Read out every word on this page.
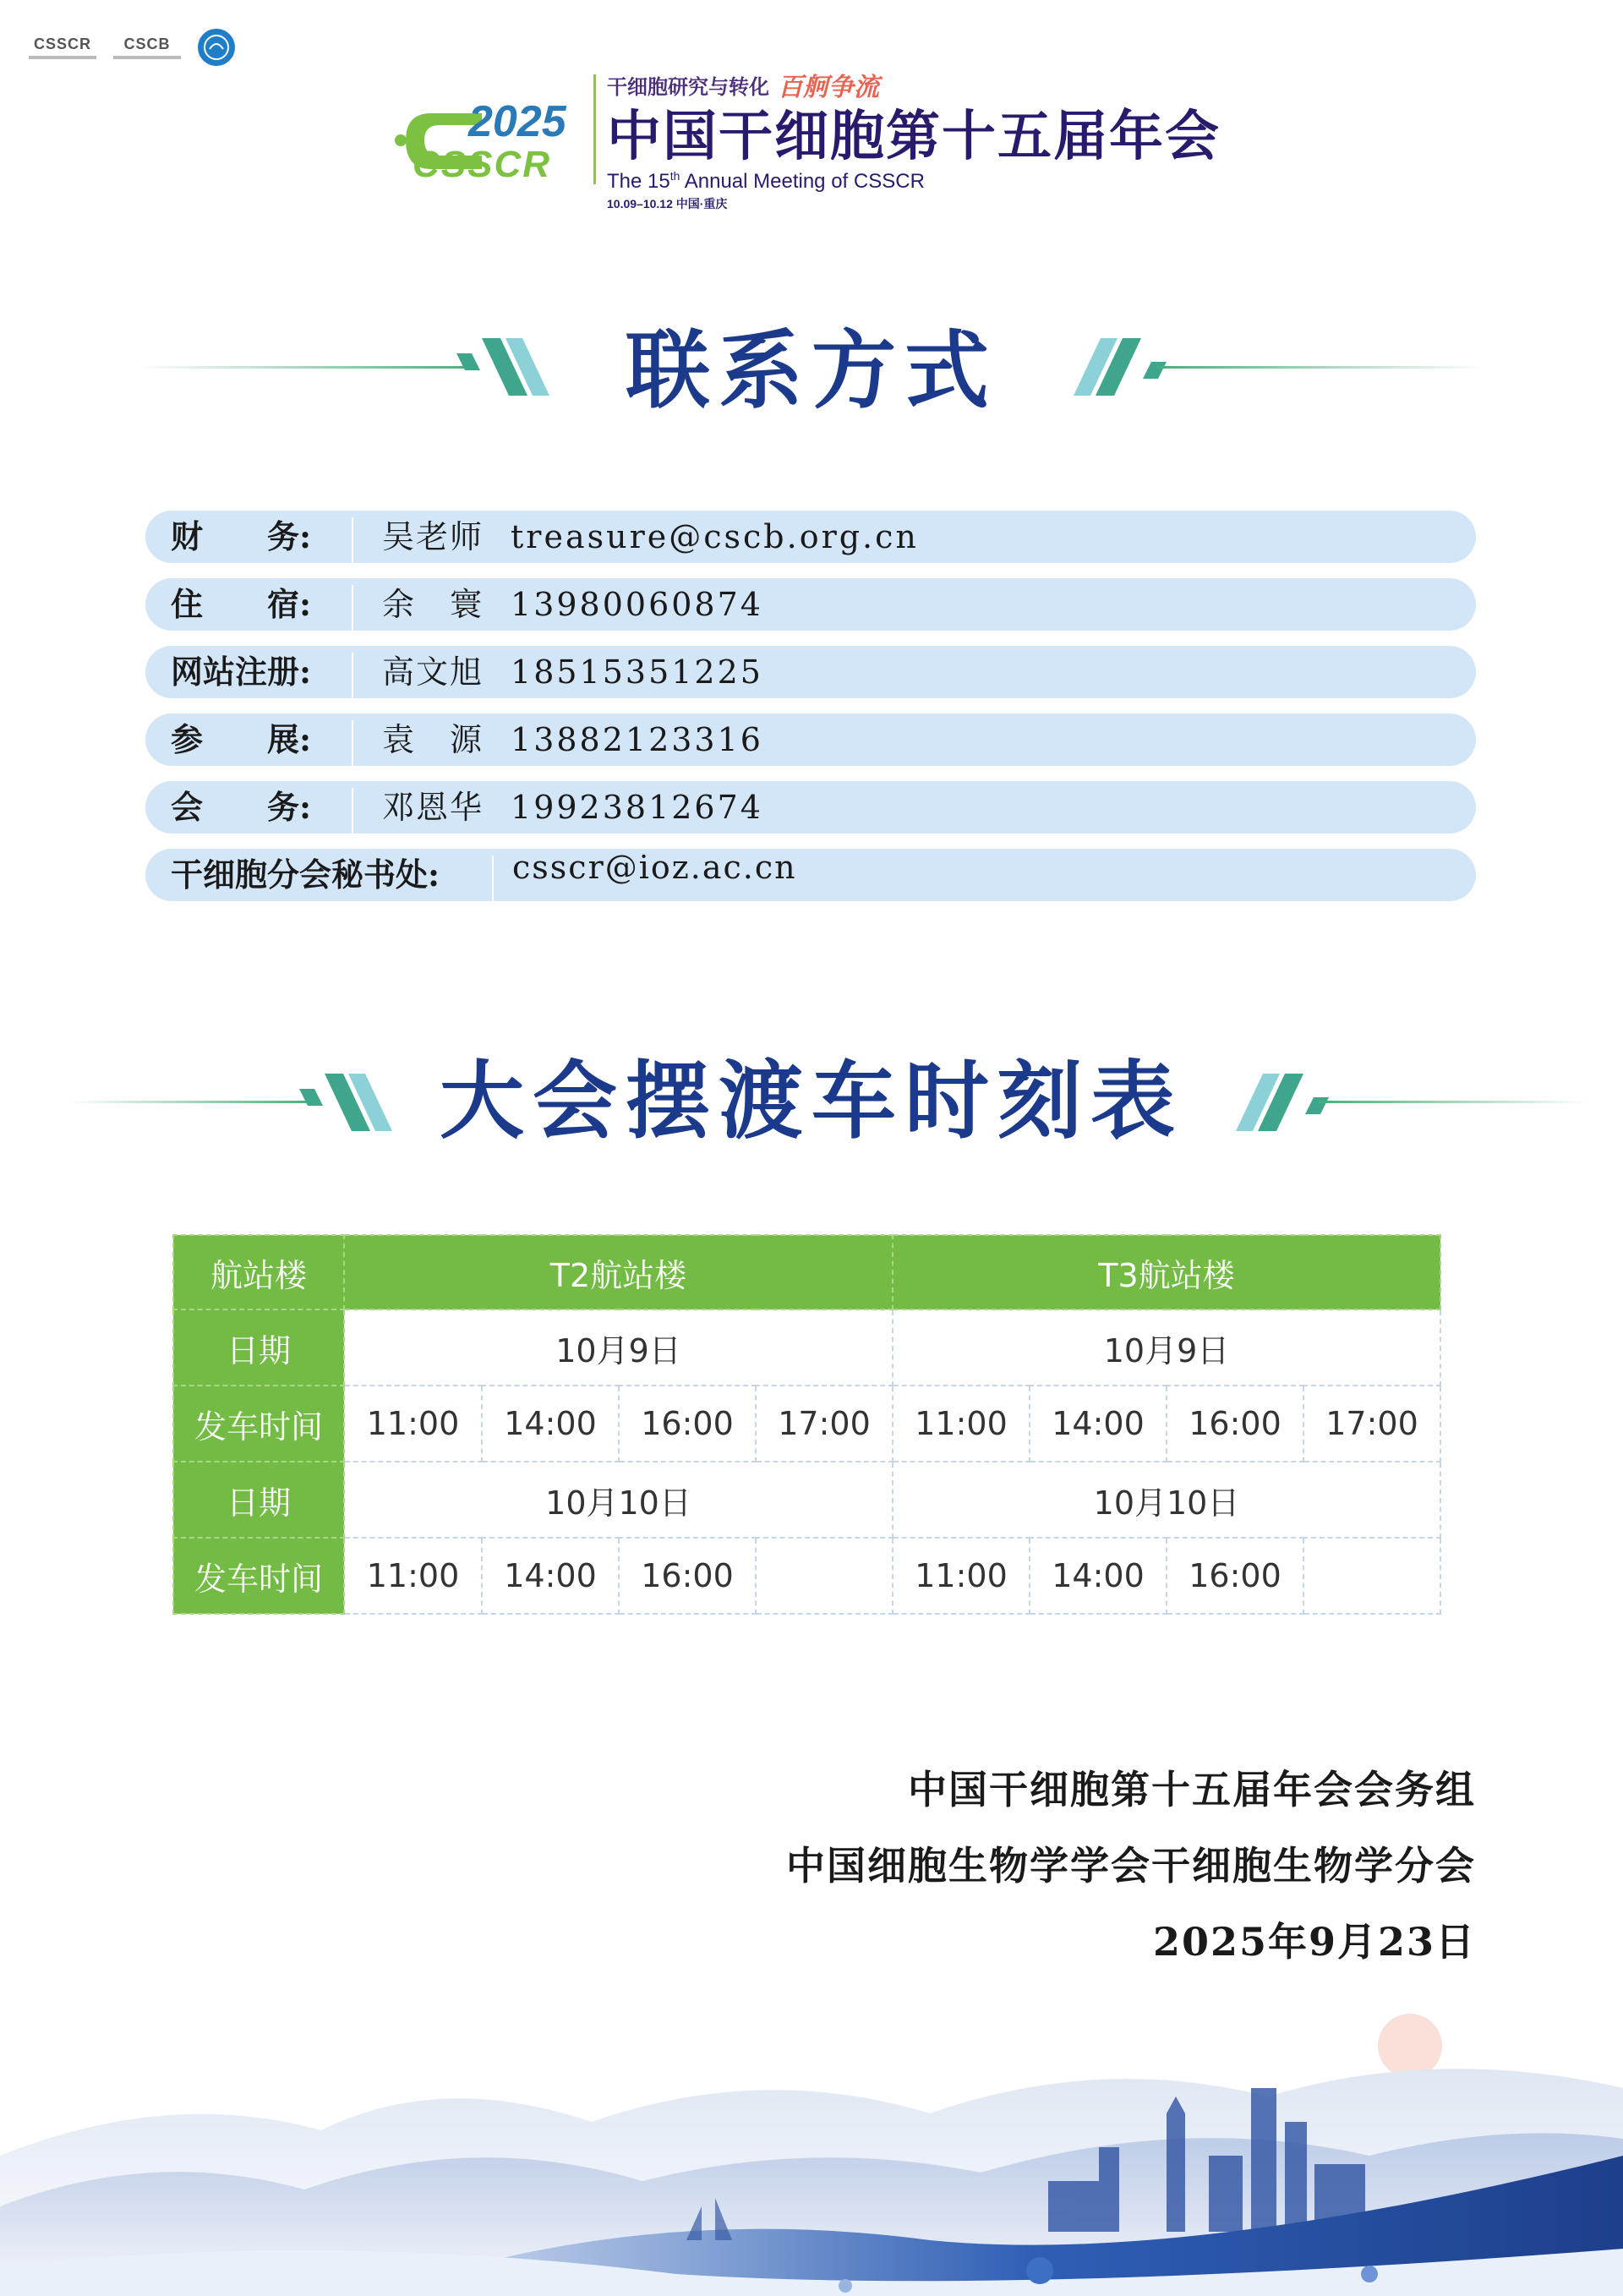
CSSCR CSCB
2025
CSSCR
干细胞研究与转化 百舸争流
中国干细胞第十五届年会
The 15th Annual Meeting of CSSCR
10.09–10.12 中国·重庆
联系方式
财　　务: 吴老师 treasure@cscb.org.cn
住　　宿: 余　寰 13980060874
网站注册: 高文旭 18515351225
参　　展: 袁　源 13882123316
会　　务: 邓恩华 19923812674
干细胞分会秘书处: csscr@ioz.ac.cn
大会摆渡车时刻表
航站楼	T2航站楼				T3航站楼			
日期	10月9日				10月9日			
发车时间	11:00	14:00	16:00	17:00	11:00	14:00	16:00	17:00
日期	10月10日				10月10日			
发车时间	11:00	14:00	16:00		11:00	14:00	16:00	
中国干细胞第十五届年会会务组
中国细胞生物学学会干细胞生物学分会
2025年9月23日
